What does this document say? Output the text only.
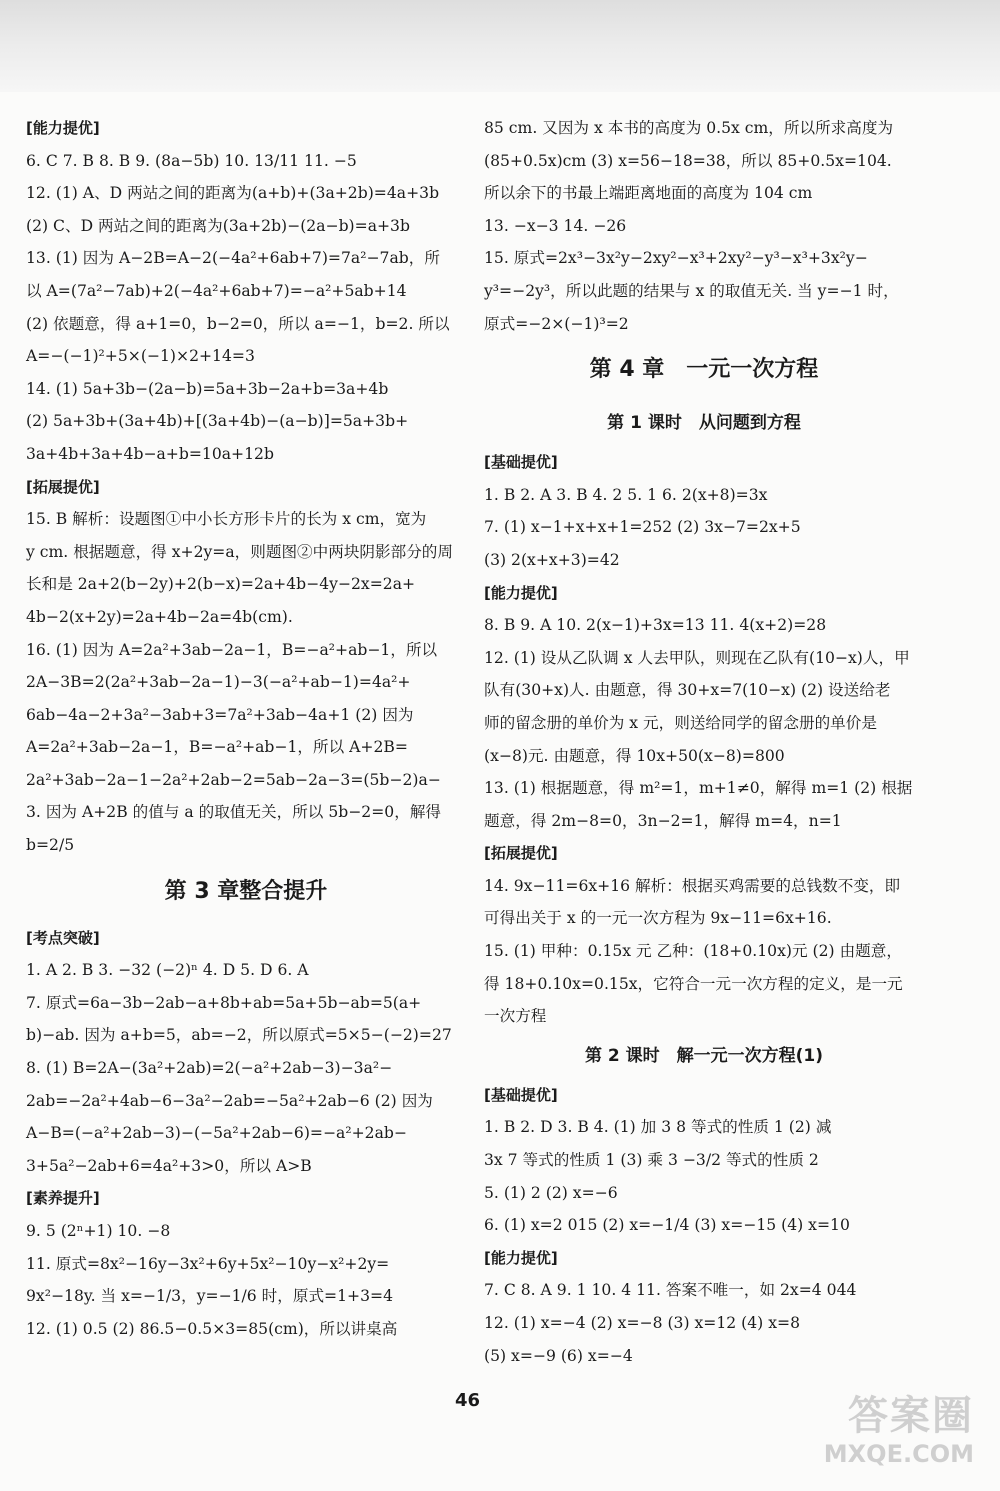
[能力提优]

6. C 7. B 8. B 9. (8a−5b) 10. 13/11 11. −5

12. (1) A、D 两站之间的距离为(a+b)+(3a+2b)=4a+3b

(2) C、D 两站之间的距离为(3a+2b)−(2a−b)=a+3b

13. (1) 因为 A−2B=A−2(−4a²+6ab+7)=7a²−7ab，所

以 A=(7a²−7ab)+2(−4a²+6ab+7)=−a²+5ab+14

(2) 依题意，得 a+1=0，b−2=0，所以 a=−1，b=2. 所以

A=−(−1)²+5×(−1)×2+14=3

14. (1) 5a+3b−(2a−b)=5a+3b−2a+b=3a+4b

(2) 5a+3b+(3a+4b)+[(3a+4b)−(a−b)]=5a+3b+

3a+4b+3a+4b−a+b=10a+12b

[拓展提优]

15. B 解析：设题图①中小长方形卡片的长为 x cm，宽为

y cm. 根据题意，得 x+2y=a，则题图②中两块阴影部分的周

长和是 2a+2(b−2y)+2(b−x)=2a+4b−4y−2x=2a+

4b−2(x+2y)=2a+4b−2a=4b(cm).

16. (1) 因为 A=2a²+3ab−2a−1，B=−a²+ab−1，所以

2A−3B=2(2a²+3ab−2a−1)−3(−a²+ab−1)=4a²+

6ab−4a−2+3a²−3ab+3=7a²+3ab−4a+1 (2) 因为

A=2a²+3ab−2a−1，B=−a²+ab−1，所以 A+2B=

2a²+3ab−2a−1−2a²+2ab−2=5ab−2a−3=(5b−2)a−

3. 因为 A+2B 的值与 a 的取值无关，所以 5b−2=0，解得

b=2/5

第 3 章整合提升

[考点突破]

1. A 2. B 3. −32 (−2)ⁿ 4. D 5. D 6. A

7. 原式=6a−3b−2ab−a+8b+ab=5a+5b−ab=5(a+

b)−ab. 因为 a+b=5，ab=−2，所以原式=5×5−(−2)=27

8. (1) B=2A−(3a²+2ab)=2(−a²+2ab−3)−3a²−

2ab=−2a²+4ab−6−3a²−2ab=−5a²+2ab−6 (2) 因为

A−B=(−a²+2ab−3)−(−5a²+2ab−6)=−a²+2ab−

3+5a²−2ab+6=4a²+3>0，所以 A>B

[素养提升]

9. 5 (2ⁿ+1) 10. −8

11. 原式=8x²−16y−3x²+6y+5x²−10y−x²+2y=

9x²−18y. 当 x=−1/3，y=−1/6 时，原式=1+3=4

12. (1) 0.5 (2) 86.5−0.5×3=85(cm)，所以讲桌高

85 cm. 又因为 x 本书的高度为 0.5x cm，所以所求高度为

(85+0.5x)cm (3) x=56−18=38，所以 85+0.5x=104.

所以余下的书最上端距离地面的高度为 104 cm

13. −x−3 14. −26

15. 原式=2x³−3x²y−2xy²−x³+2xy²−y³−x³+3x²y−

y³=−2y³，所以此题的结果与 x 的取值无关. 当 y=−1 时，

原式=−2×(−1)³=2

第 4 章　一元一次方程

第 1 课时　从问题到方程

[基础提优]

1. B 2. A 3. B 4. 2 5. 1 6. 2(x+8)=3x

7. (1) x−1+x+x+1=252 (2) 3x−7=2x+5

(3) 2(x+x+3)=42

[能力提优]

8. B 9. A 10. 2(x−1)+3x=13 11. 4(x+2)=28

12. (1) 设从乙队调 x 人去甲队，则现在乙队有(10−x)人，甲

队有(30+x)人. 由题意，得 30+x=7(10−x) (2) 设送给老

师的留念册的单价为 x 元，则送给同学的留念册的单价是

(x−8)元. 由题意，得 10x+50(x−8)=800

13. (1) 根据题意，得 m²=1，m+1≠0，解得 m=1 (2) 根据

题意，得 2m−8=0，3n−2=1，解得 m=4，n=1

[拓展提优]

14. 9x−11=6x+16 解析：根据买鸡需要的总钱数不变，即

可得出关于 x 的一元一次方程为 9x−11=6x+16.

15. (1) 甲种：0.15x 元 乙种：(18+0.10x)元 (2) 由题意，

得 18+0.10x=0.15x，它符合一元一次方程的定义，是一元

一次方程

第 2 课时　解一元一次方程(1)

[基础提优]

1. B 2. D 3. B 4. (1) 加 3 8 等式的性质 1 (2) 减

3x 7 等式的性质 1 (3) 乘 3 −3/2 等式的性质 2

5. (1) 2 (2) x=−6

6. (1) x=2 015 (2) x=−1/4 (3) x=−15 (4) x=10

[能力提优]

7. C 8. A 9. 1 10. 4 11. 答案不唯一，如 2x=4 044

12. (1) x=−4 (2) x=−8 (3) x=12 (4) x=8

(5) x=−9 (6) x=−4

46	答案圈
MXQE.COM
